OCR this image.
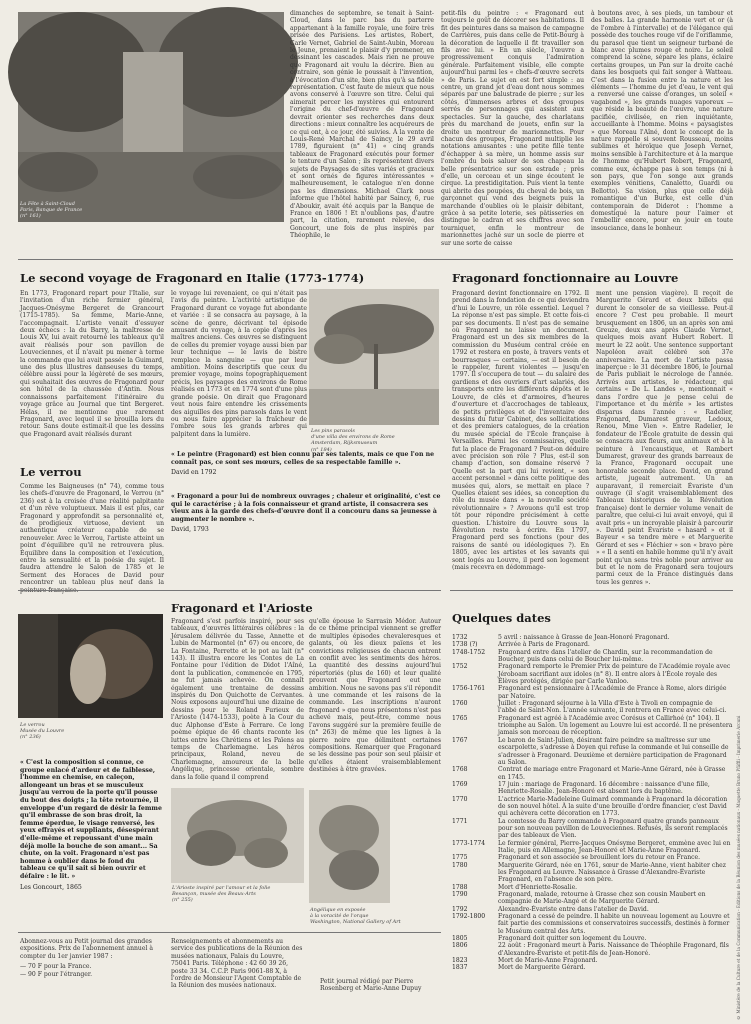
La Fête à Saint-Cloud
Paris, Banque de France
(n° 161)
dimanches de septembre, se tenait à Saint-Cloud, dans le parc bas du parterre appartenant à la famille royale, une foire très prisée des Parisiens. Les artistes, Robert, Carle Vernet, Gabriel de Saint-Aubin, Moreau le Jeune, prenaient le plaisir d'y promener, en dessinant les cascades. Mais rien ne prouve que Fragonard ait voulu la décrire. Bien au contraire, son génie le poussait à l'invention, à l'évocation d'un site, bien plus qu'à sa fidèle représentation. C'est faute de mieux que nous avons conservé à l'œuvre son titre. Celui qui aimerait percer les mystères qui entourent l'origine du chef-d'œuvre de Fragonard devrait orienter ses recherches dans deux directions : mieux connaître les acquéreurs de ce qui ont, à ce jour, été suivies. À la vente de Louis-René Marchal de Saincy, le 29 avril 1789, figuraient (n° 41) « cinq grands tableaux de Fragonard exécutés pour former le tenture d'un Salon ; ils représentent divers sujets de Paysages de sites variés et gracieux et sont ornés de figures intéressantes » malheureusement, le catalogue n'en donne pas les dimensions. Michael Clark nous informe que l'hôtel habité par Saincy, 6, rue d'Aboukir, avait été acquis par la Banque de France en 1806 ! Et n'oublions pas, d'autre part, la citation, rarement relevée, des Goncourt, une fois de plus inspirés par Théophile, le
petit-fils du peintre : « Fragonard eut toujours le goût de décorer ses habitations. Il fit des peintures dans sa maison de campagne de Carrières, puis dans celle de Petit-Bourg à la décoration de laquelle il fit travailler son fils avec lui. » En un siècle, l'œuvre a progressivement conquis l'admiration générale. Parfaitement visible, elle compte aujourd'hui parmi les « chefs-d'œuvre secrets » de Paris. Le sujet en est fort simple : au centre, un grand jet d'eau dont nous sommes séparés par une balustrade de pierre ; sur les côtés, d'immenses arbres et des groupes serrés de personnages qui assistent aux spectacles. Sur la gauche, des charlatans près du marchand de jouets, enfin sur la droite un montreur de marionnettes. Pour chacun des groupes, Fragonard multiplie les notations amusantes : une petite fille tente d'échapper à sa mère, un homme assis sur l'ombre du bois saluer de son chapeau la belle présentatrice sur son estrade ; près d'elle, un cerceau et un singe écoutent le cirque. La prestidigitation. Puis vient la tente qui abrite des poupées, du cheval de bois, un garçonnet qui vend des beignets puis la marchande d'oublies où le plaisir débitant, grâce à sa petite loterie, ses pâtisseries en distingue le cadran et ses chiffres avec son tourniquet, enfin le montreur de marionnettes jaché sur un socle de pierre et sur une sorte de caisse
à boutons avec, à ses pieds, un tambour et des balles. La grande harmonie vert et or (à de l'ombre à l'intervalle) et de l'élégance qui possède des touches rouge vif de l'oriflamme, du parasol que tient un seigneur turbané de blanc avec plumes rouge et noire. Le soleil comprend la scène, sépare les plans, éclaire certains groupes, un Pan sur la droite caché dans les bosquets qui fait songer à Watteau. C'est dans la fusion entre la nature et les éléments — l'homme du jet d'eau, le vent qui a renversé une caisse d'oranges, un soleil « vagabond », les grands nuages vaporeux — que réside la beauté de l'œuvre, une nature pacifiée, civilisée, en rien inquiétante, accueillante à l'homme. Moins « paysagistes » que Moreau l'Aîné, dont le concept de la nature rappelle si souvent Rousseau, moins sublimes et héroïque que Joseph Vernet, moins sensible à l'architecture et à la marque de l'homme qu'Hubert Robert, Fragonard, comme eux, échappe pas à son temps (ni à son pays, que l'on songe aux grands exemples vénitiens, Canaletto, Guardi ou Bellotto). Sa vision, plus que celle déjà romantique d'un Burke, est celle d'un contemporain de Diderot : l'homme a domestiqué la nature pour l'aimer et l'embellir encore, pour en jouir en toute insouciance, dans le bonheur.
Le second voyage de Fragonard en Italie (1773-1774)
En 1773, Fragonard repart pour l'Italie, sur l'invitation d'un riche fermier général, Jacques-Onésyme Bergeret de Grancourt (1715-1785). Sa femme, Marie-Anne, l'accompagnait. L'artiste venait d'essuyer deux échecs : la du Barry, la maîtresse de Louis XV, lui avait retourné les tableaux qu'il avait réalisés pour son pavillon de Louveciennes, et il n'avait pu mener à terme la commande que lui avait passée la Guimard, une des plus illustres danseuses du temps, célèbre aussi pour la légèreté de ses mœurs, qui souhaitait des œuvres de Fragonard pour son hôtel de la chaussée d'Antin. Nous connaissons parfaitement l'itinéraire du voyage grâce au Journal que tint Bergeret. Hélas, il ne mentionne que rarement Fragonard, avec lequel il se brouilla lors du retour. Sans doute estimait-il que les dessins que Fragonard avait réalisés durant
le voyage lui revenaient, ce qui n'était pas l'avis du peintre. L'activité artistique de Fragonard durant ce voyage fut abondante et variée : il se consacra au paysage, à la scène de genre, décrivant tel épisode amusant du voyage, à la copie d'après les maîtres anciens. Ces œuvres se distinguent de celles du premier voyage aussi bien par leur technique — le lavis de bistre remplace la sanguine — que par leur ambition. Moins descriptifs que ceux du premier voyage, moins topographiquement précis, les paysages des environs de Rome réalisés en 1773 et en 1774 sont d'une plus grande poésie. On dirait que Fragonard veut nous faire entendre les crissements des aiguilles des pins parasols dans le vent ou nous faire apprécier la fraîcheur de l'ombre sous les grands arbres qui palpitent dans la lumière.	Les pins parasols
d'une villa des environs de Rome
Amsterdam, Rijksmuseum
(n° 184)
Fragonard fonctionnaire au Louvre
Fragonard devint fonctionnaire en 1792. Il prend dans la fondation de ce qui deviendra d'hui le Louvre, un rôle essentiel. Lequel ? La réponse n'est pas simple. Et cette fois-ci par ses documents. Il n'est pas de semaine où Fragonard ne laisse un document. Fragonard est un des six membres de la commission du Muséum central créée en 1792 et restera en poste, à travers vents et bourrasques — certains, — est il besoin de le rappeler, furent violentes — jusqu'en 1797. Il s'occupera de tout — du salaire des gardiens et des ouvriers d'art salariés, des transports entre les différents dépôts et le Louvre, de clés et d'armoires, d'heures d'ouverture et d'accrochages de tableaux, de petits privilèges et de l'inventaire des dessins du futur Cabinet, des sollicitations et des premiers catalogues, de la création du musée spécial de l'École française à Versailles. Parmi les commissaires, quelle fut la place de Fragonard ? Peut-on déduire avec précision son rôle ? Plus, est-il son champ d'action, son domaine réservé ? Quelle est la part qui lui revient, « son accent personnel » dans cette politique des musées qui, alors, se mettait en place ? Quelles étaient ses idées, sa conception du rôle du musée dans « la nouvelle société révolutionnaire » ? Avouons qu'il est trop tôt pour répondre précisément à cette question. L'histoire du Louvre sous la Révolution reste à écrire. En 1797, Fragonard perd ses fonctions (pour des raisons de santé ou idéologiques ?). En 1805, avec les artistes et les savants qui sont logés au Louvre, il perd son logement (mais recevra en dédommage-
ment une pension viagère). Il reçoit de Marguerite Gérard et deux billets qui durent le consoler de sa vieillesse. Peut-il encore ? C'est peu probable. Il meurt brusquement en 1806, un an après son ami Greuze, deux ans après Claude Vernet, quelques mois avant Hubert Robert. Il meurt le 22 août. Une sentence supportant Napoléon avait célébré son 37e anniversaire. La mort de l'artiste passa inaperçue : le 31 décembre 1806, le Journal de Paris publiait le nécrologe de l'année. Arrivés aux artistes, le rédacteur, qui certains « De L. Landes », mentionnait « dans l'ordre que je pense celui de l'importance et du mérite » les artistes disparus dans l'année : « Radelier, Fragonard, Dumarest graveur, Ledoux, Renou, Mme Vien ». Entre Radelier, le fondateur de l'École gratuite de dessin qui se consacra aux fleurs, aux animaux et à la peinture à l'encaustique, et Rambert Dumarest, graveur des grands barreaux de la France, Fragonard occupait une honorable seconde place. David, en grand artiste, jugeait autrement. Un an auparavant, il remerciait Évariste d'un ouvrage (il s'agit vraisemblablement des Tableaux historiques de la Révolution française) dont le dernier volume venait de paraître, que celui-ci lui avait envoyé, qui il avait pris « un incroyable plaisir à parcourir ». David peint Évariste « hasard » et il Bayeur « sa tendre mère » et Marguerite Gérard et ses « Fléchier » son « bravo père » « Il a senti en habile homme qu'il n'y avait point qu'un sens très noble pour arriver au but et le nom de Fragonard sera toujours parmi ceux de la France distingués dans tous les genres ».
Le verrou
Comme les Baigneuses (n° 74), comme tous les chefs-d'œuvre de Fragonard, le Verrou (n° 236) est à la croisée d'une réalité palpitante et d'un rêve voluptueux. Mais il est plus, car Fragonard y approfondit sa personnalité et, de prodigieux virtuose, devient un authentique créateur capable de se renouveler. Avec le Verrou, l'artiste atteint un point d'équilibre qu'il ne retrouvera plus. Équilibre dans la composition et l'exécution, entre la sensualité et la poésie du sujet. Il faudra attendre le Salon de 1785 et le Serment des Horaces de David pour rencontrer un tableau plus neuf dans la
« Le peintre (Fragonard) est bien connu par ses talents, mais ce que l'on ne connaît pas, ce sont ses mœurs, celles de sa respectable famille ».
David en 1792
« Fragonard a pour lui de nombreux ouvrages ; chaleur et originalité, c'est ce qui le caractérise ; à la fois connaisseur et grand artiste, il consacrera ses vieux ans à la garde des chefs-d'œuvre dont il a concouru dans sa jeunesse à augmenter le nombre ».
David, 1793
Fragonard et l'Arioste
Le verrou
Musée du Louvre
(n° 236)
« C'est la composition si connue, ce groupe enlacé d'ardeur et de faiblesse, l'homme en chemise, en caleçon, allongeant un bras et se musculeux jusqu'au verrou de la porte qu'il pousse du bout des doigts ; la tête retournée, il enveloppe d'un regard de désir la femme qu'il embrasse de son bras droit, la femme éperdue, le visage renversé, les yeux effrayés et suppliants, désespérant d'elle-même et repoussant d'une main déjà molle la bouche de son amant... Sa chute, on la voit. Fragonard n'est pas homme à oublier dans le fond du tableau ce qu'il sait si bien ouvrir et défaire : le lit. »
Les Goncourt, 1865
Fragonard s'est parfois inspiré, pour ses tableaux, d'œuvres littéraires célèbres : la Jérusalem délivrée du Tasse, Annette et Lubin de Marmontel (n° 67) ou encore, de La Fontaine, Perrette et le pot au lait (n° 143). Il illustra encore les Contes de La Fontaine pour l'édition de Didot l'Aîné, dont la publication, commencée en 1795, ne fut jamais achevée. On connaît également une trentaine de dessins inspirés du Don Quichotte de Cervantes. Nous exposons aujourd'hui une dizaine de dessins pour le Roland Furieux de l'Arioste (1474-1533), poète à la Cour du duc Alphonse d'Este à Ferrare. Ce long poème épique de 46 chants raconte les luttes entre les Chrétiens et les Païens au temps de Charlemagne. Les héros principaux, Roland, neveu de Charlemagne, amoureux de la belle Angélique, princesse orientale, sombre dans la folie quand il comprend
qu'elle épouse le Sarrasin Médor. Autour de ce thème principal viennent se greffer de multiples épisodes chevaleresques et galants, où les dieux païens et les convictions religieuses de chacun entrent en conflit avec les sentiments des héros. La quantité des dessins aujourd'hui répertoriés (plus de 160) et leur qualité prouvent que Fragonard eut une ambition. Nous ne savons pas s'il répondit à une commande et les raisons de la commande. Les inscriptions n'auront fragonard » que nous présentons n'est pas achevé mais, peut-être, comme nous l'avons suggéré sur la première feuille de (n° 263) de même que les lignes à la pierre noire que délimitent certaines compositions. Remarquer que Fragonard se les dessine pas pour son seul plaisir et qu'elles étaient vraisemblablement destinées à être gravées.
L'Arioste inspiré par l'amour et la folie
Besançon, musée des Beaux-Arts
(n° 255)
Angélique en exposée
à la voracité de l'orque
Washington, National Gallery of Art
Quelques dates
1732	5 avril : naissance à Grasse de Jean-Honoré Fragonard.
1738 (?)	Arrivée à Paris de Fragonard.
1748-1752	Fragonard entre dans l'atelier de Chardin, sur la recommandation de Boucher, puis dans celui de Boucher lui-même.
1752	Fragonard remporte le Premier Prix de peinture de l'Académie royale avec Jéroboam sacrifiant aux idoles (n° 8). Il entre alors à l'École royale des Élèves protégés, dirigée par Carle Vanloo.
1756-1761	Fragonard est pensionnaire à l'Académie de France à Rome, alors dirigée par Natoire.
1760	Juillet : Fragonard séjourne à la Villa d'Este à Tivoli en compagnie de l'abbé de Saint-Non. L'année suivante, il rentrera en France avec celui-ci.
1765	Fragonard est agréé à l'Académie avec Corésus et Callirhoé (n° 104). Il triomphe au Salon. Un logement au Louvre lui est accordé. Il ne présentera jamais son morceau de réception.
1767	Le baron de Saint-Julien, désirant faire peindre sa maîtresse sur une escarpolette, s'adresse à Doyen qui refuse la commande et lui conseille de s'adresser à Fragonard. Deuxième et dernière participation de Fragonard au Salon.
1768	Contrat de mariage entre Fragonard et Marie-Anne Gérard, née à Grasse en 1745.
1769	17 juin : mariage de Fragonard. 16 décembre : naissance d'une fille, Henriette-Rosalie. Jean-Honoré est absent lors du baptême.
1770	L'actrice Marie-Madeleine Guimard commande à Fragonard la décoration de son nouvel hôtel. À la suite d'une brouille d'ordre financier, c'est David qui achèvera cette décoration en 1773.
1771	La comtesse du Barry commande à Fragonard quatre grands panneaux pour son nouveau pavillon de Louveciennes. Refusés, ils seront remplacés par des tableaux de Vien.
1773-1774	Le fermier général, Pierre-Jacques Onésyme Bergeret, emmène avec lui en Italie, puis en Allemagne, Jean-Honoré et Marie-Anne Fragonard.
1775	Fragonard et son associée se brouillent lors du retour en France.
1780	Marguerite Gérard, née en 1761, sœur de Marie-Anne, vient habiter chez les Fragonard au Louvre. Naissance à Grasse d'Alexandre-Évariste Fragonard, en l'absence de son père.
1788	Mort d'Henriette-Rosalie.
1790	Fragonard, malade, retourne à Grasse chez son cousin Maubert en compagnie de Marie-Angé et de Marguerite Gérard.
1792	Alexandre-Évariste entre dans l'atelier de David.
1792-1800	Fragonard a cessé de peindre. Il habite un nouveau logement au Louvre et fait partie des commissions et conservatoires successifs, destinés à former le Muséum central des Arts.
1805	Fragonard doit quitter son logement du Louvre.
1806	22 août : Fragonard meurt à Paris. Naissance de Théophile Fragonard, fils d'Alexandre-Évariste et petit-fils de Jean-Honoré.
1823	Mort de Marie-Anne Fragonard.
1837	Mort de Marguerite Gérard.
Abonnez-vous au Petit journal des grandes expositions. Prix de l'abonnement annuel à compter du 1er janvier 1987 :
— 70 F pour la France.
— 90 F pour l'étranger.
Renseignements et abonnements au service des publications de la Réunion des musées nationaux, Palais du Louvre, 75041 Paris. Téléphone : 42 60 39 26, poste 33 34. C.C.P. Paris 9061-88 X, à l'ordre de Monsieur l'Agent Comptable de la Réunion des musées nationaux.
Petit journal rédigé par Pierre Rosenberg et Marie-Anne Dupuy	© Ministère de la Culture et de la Communication - Éditions de la Réunion des musées nationaux - Maquette Bruno Pfäffli - Imprimerie Arcuni
